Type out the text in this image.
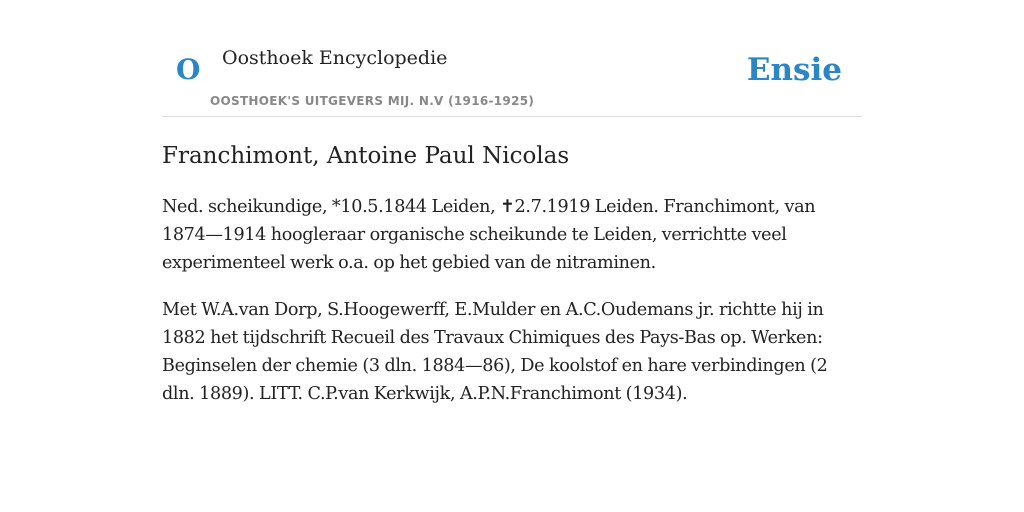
O Oosthoek Encyclopedie
OOSTHOEK'S UITGEVERS MIJ. N.V (1916-1925)
Ensie
Franchimont, Antoine Paul Nicolas

Ned. scheikundige, *10.5.1844 Leiden, ✝2.7.1919 Leiden. Franchimont, van 1874—1914 hoogleraar organische scheikunde te Leiden, verrichtte veel experimenteel werk o.a. op het gebied van de nitraminen.

Met W.A.van Dorp, S.Hoogewerff, E.Mulder en A.C.Oudemans jr. richtte hij in 1882 het tijdschrift Recueil des Travaux Chimiques des Pays-Bas op. Werken: Beginselen der chemie (3 dln. 1884—86), De koolstof en hare verbindingen (2 dln. 1889). LITT. C.P.van Kerkwijk, A.P.N.Franchimont (1934).
